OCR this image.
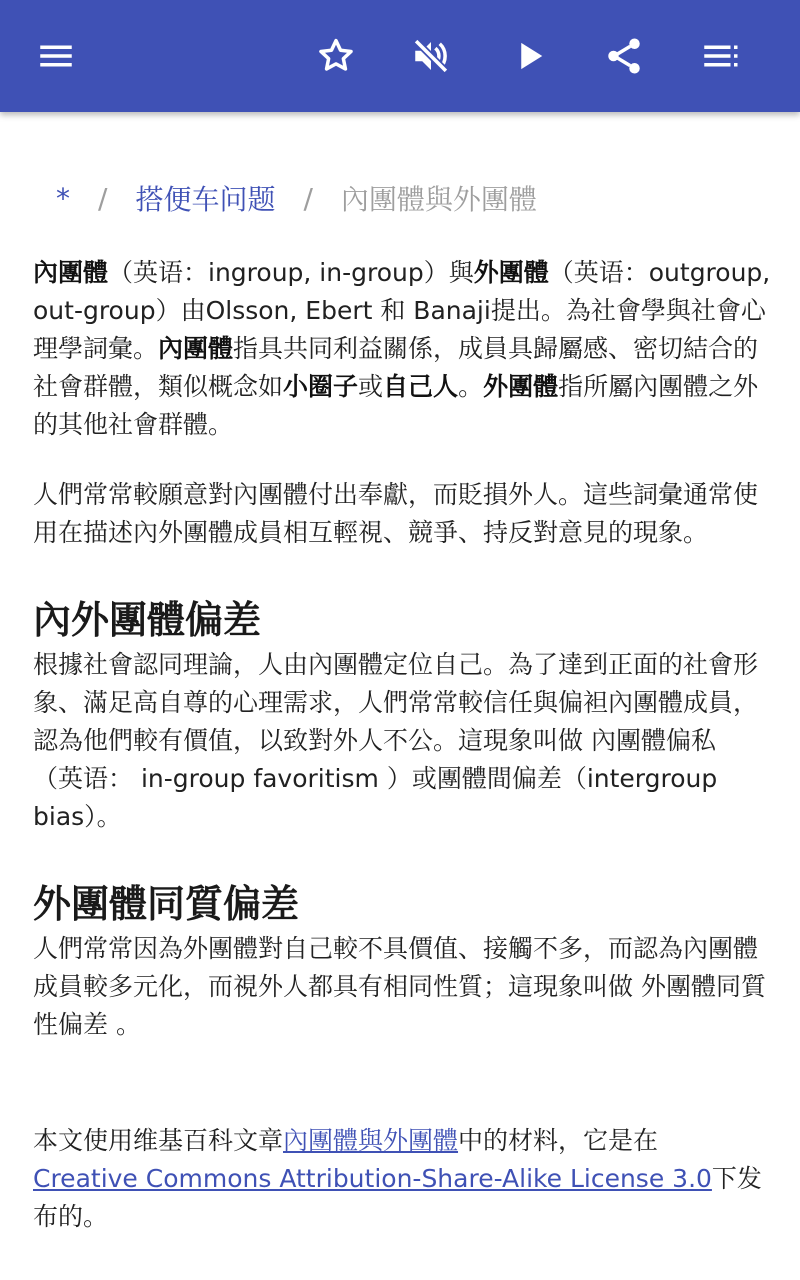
* / 搭便车问题 / 內團體與外團體

內團體（英语：ingroup, in-group）與外團體（英语：outgroup, out-group）由Olsson, Ebert 和 Banaji提出。為社會學與社會心理學詞彙。內團體指具共同利益關係，成員具歸屬感、密切結合的社會群體，類似概念如小圈子或自己人。外團體指所屬內團體之外的其他社會群體。

人們常常較願意對內團體付出奉獻，而貶損外人。這些詞彙通常使用在描述內外團體成員相互輕視、競爭、持反對意見的現象。

內外團體偏差

根據社會認同理論，人由內團體定位自己。為了達到正面的社會形象、滿足高自尊的心理需求，人們常常較信任與偏袒內團體成員，認為他們較有價值，以致對外人不公。這現象叫做 內團體偏私 （英语： in-group favoritism ）或團體間偏差（intergroup bias）。

外團體同質偏差

人們常常因為外團體對自己較不具價值、接觸不多，而認為內團體成員較多元化，而視外人都具有相同性質；這現象叫做 外團體同質性偏差 。

本文使用维基百科文章內團體與外團體中的材料，它是在
Creative Commons Attribution-Share-Alike License 3.0下发布的。
